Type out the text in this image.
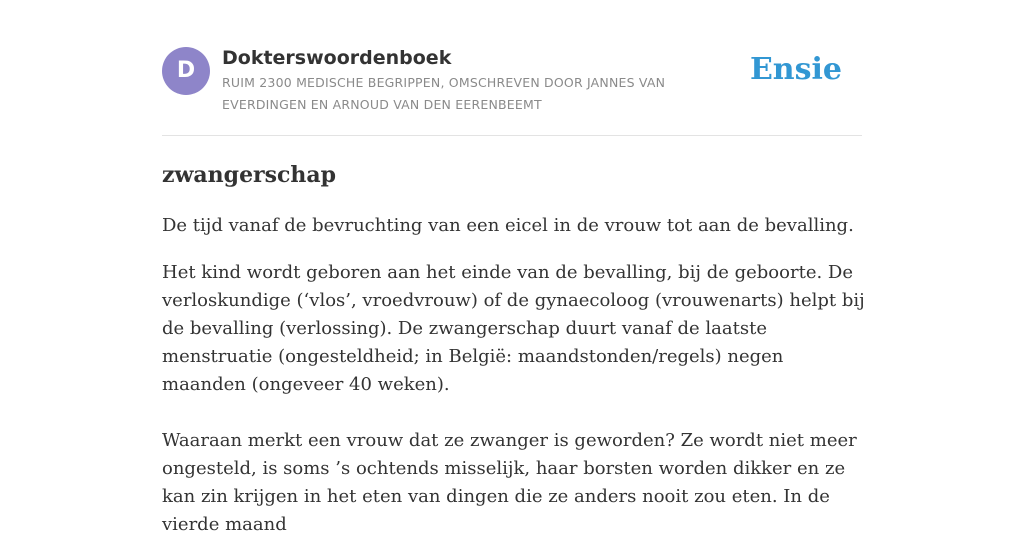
D	Dokterswoordenboek
RUIM 2300 MEDISCHE BEGRIPPEN, OMSCHREVEN DOOR JANNES VAN EVERDINGEN EN ARNOUD VAN DEN EERENBEEMT
Ensie
zwangerschap

De tijd vanaf de bevruchting van een eicel in de vrouw tot aan de bevalling.

Het kind wordt geboren aan het einde van de bevalling, bij de geboorte. De verloskundige (‘vlos’, vroedvrouw) of de gynaecoloog (vrouwenarts) helpt bij de bevalling (verlossing). De zwangerschap duurt vanaf de laatste menstruatie (ongesteldheid; in België: maandstonden/regels) negen maanden (ongeveer 40 weken).

Waaraan merkt een vrouw dat ze zwanger is geworden? Ze wordt niet meer ongesteld, is soms ’s ochtends misselijk, haar borsten worden dikker en ze kan zin krijgen in het eten van dingen die ze anders nooit zou eten. In de vierde maand
